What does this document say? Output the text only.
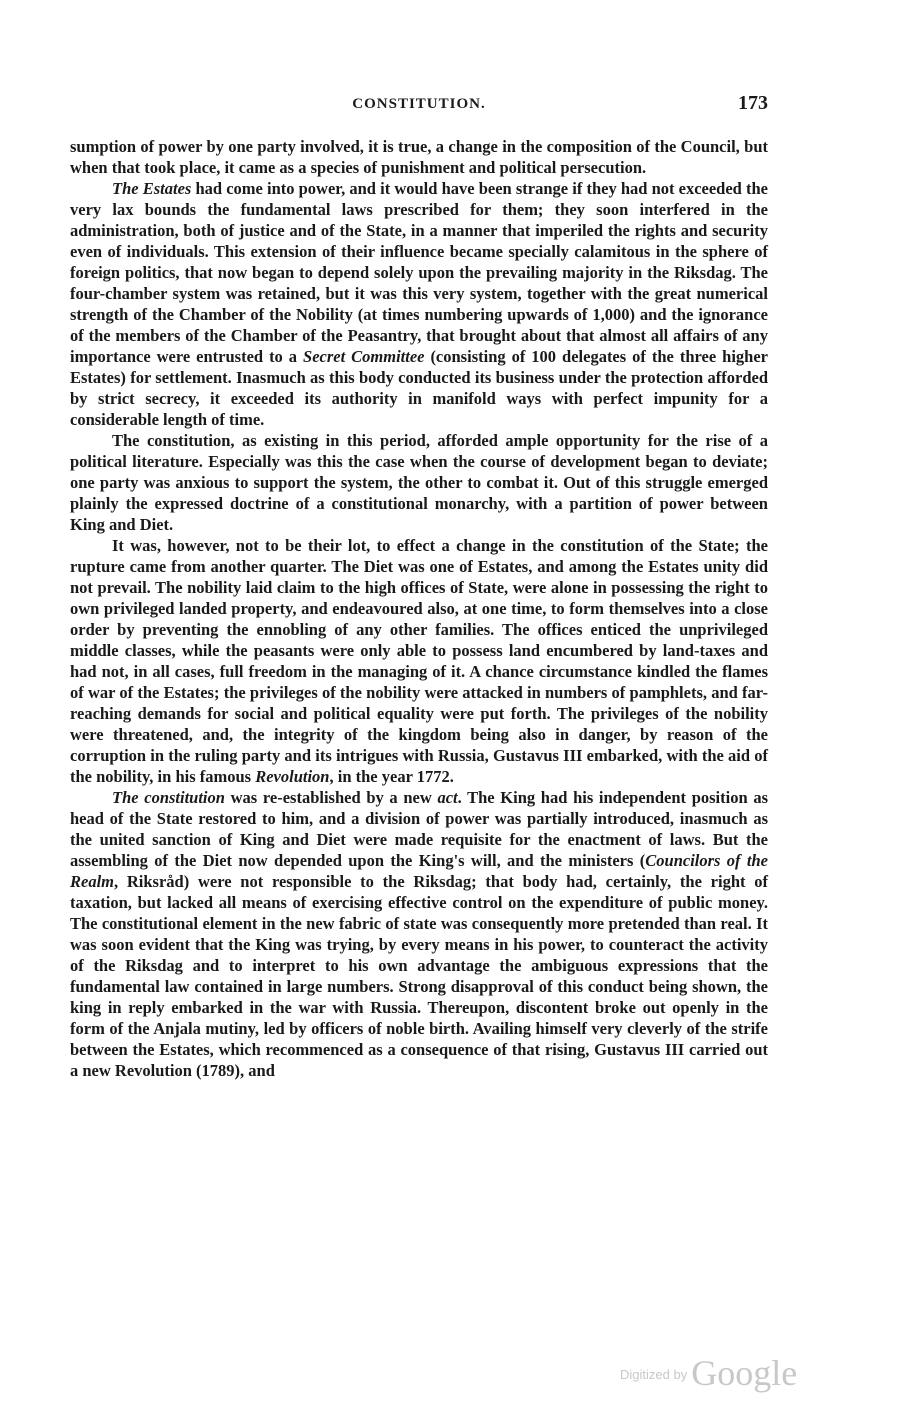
CONSTITUTION.	173

sumption of power by one party involved, it is true, a change in the composition of the Council, but when that took place, it came as a species of punishment and political persecution.

The Estates had come into power, and it would have been strange if they had not exceeded the very lax bounds the fundamental laws prescribed for them; they soon interfered in the administration, both of justice and of the State, in a manner that imperiled the rights and security even of individuals. This extension of their influence became specially calamitous in the sphere of foreign politics, that now began to depend solely upon the prevailing majority in the Riksdag. The four-chamber system was retained, but it was this very system, together with the great numerical strength of the Chamber of the Nobility (at times numbering upwards of 1,000) and the ignorance of the members of the Chamber of the Peasantry, that brought about that almost all affairs of any importance were entrusted to a Secret Committee (consisting of 100 delegates of the three higher Estates) for settlement. Inasmuch as this body conducted its business under the protection afforded by strict secrecy, it exceeded its authority in manifold ways with perfect impunity for a considerable length of time.

The constitution, as existing in this period, afforded ample opportunity for the rise of a political literature. Especially was this the case when the course of development began to deviate; one party was anxious to support the system, the other to combat it. Out of this struggle emerged plainly the expressed doctrine of a constitutional monarchy, with a partition of power between King and Diet.

It was, however, not to be their lot, to effect a change in the constitution of the State; the rupture came from another quarter. The Diet was one of Estates, and among the Estates unity did not prevail. The nobility laid claim to the high offices of State, were alone in possessing the right to own privileged landed property, and endeavoured also, at one time, to form themselves into a close order by preventing the ennobling of any other families. The offices enticed the unprivileged middle classes, while the peasants were only able to possess land encumbered by land-taxes and had not, in all cases, full freedom in the managing of it. A chance circumstance kindled the flames of war of the Estates; the privileges of the nobility were attacked in numbers of pamphlets, and far-reaching demands for social and political equality were put forth. The privileges of the nobility were threatened, and, the integrity of the kingdom being also in danger, by reason of the corruption in the ruling party and its intrigues with Russia, Gustavus III embarked, with the aid of the nobility, in his famous Revolution, in the year 1772.

The constitution was re-established by a new act. The King had his independent position as head of the State restored to him, and a division of power was partially introduced, inasmuch as the united sanction of King and Diet were made requisite for the enactment of laws. But the assembling of the Diet now depended upon the King's will, and the ministers (Councilors of the Realm, Riksråd) were not responsible to the Riksdag; that body had, certainly, the right of taxation, but lacked all means of exercising effective control on the expenditure of public money. The constitutional element in the new fabric of state was consequently more pretended than real. It was soon evident that the King was trying, by every means in his power, to counteract the activity of the Riksdag and to interpret to his own advantage the ambiguous expressions that the fundamental law contained in large numbers. Strong disapproval of this conduct being shown, the king in reply embarked in the war with Russia. Thereupon, discontent broke out openly in the form of the Anjala mutiny, led by officers of noble birth. Availing himself very cleverly of the strife between the Estates, which recommenced as a consequence of that rising, Gustavus III carried out a new Revolution (1789), and

$^{Digitized by}$ Google
